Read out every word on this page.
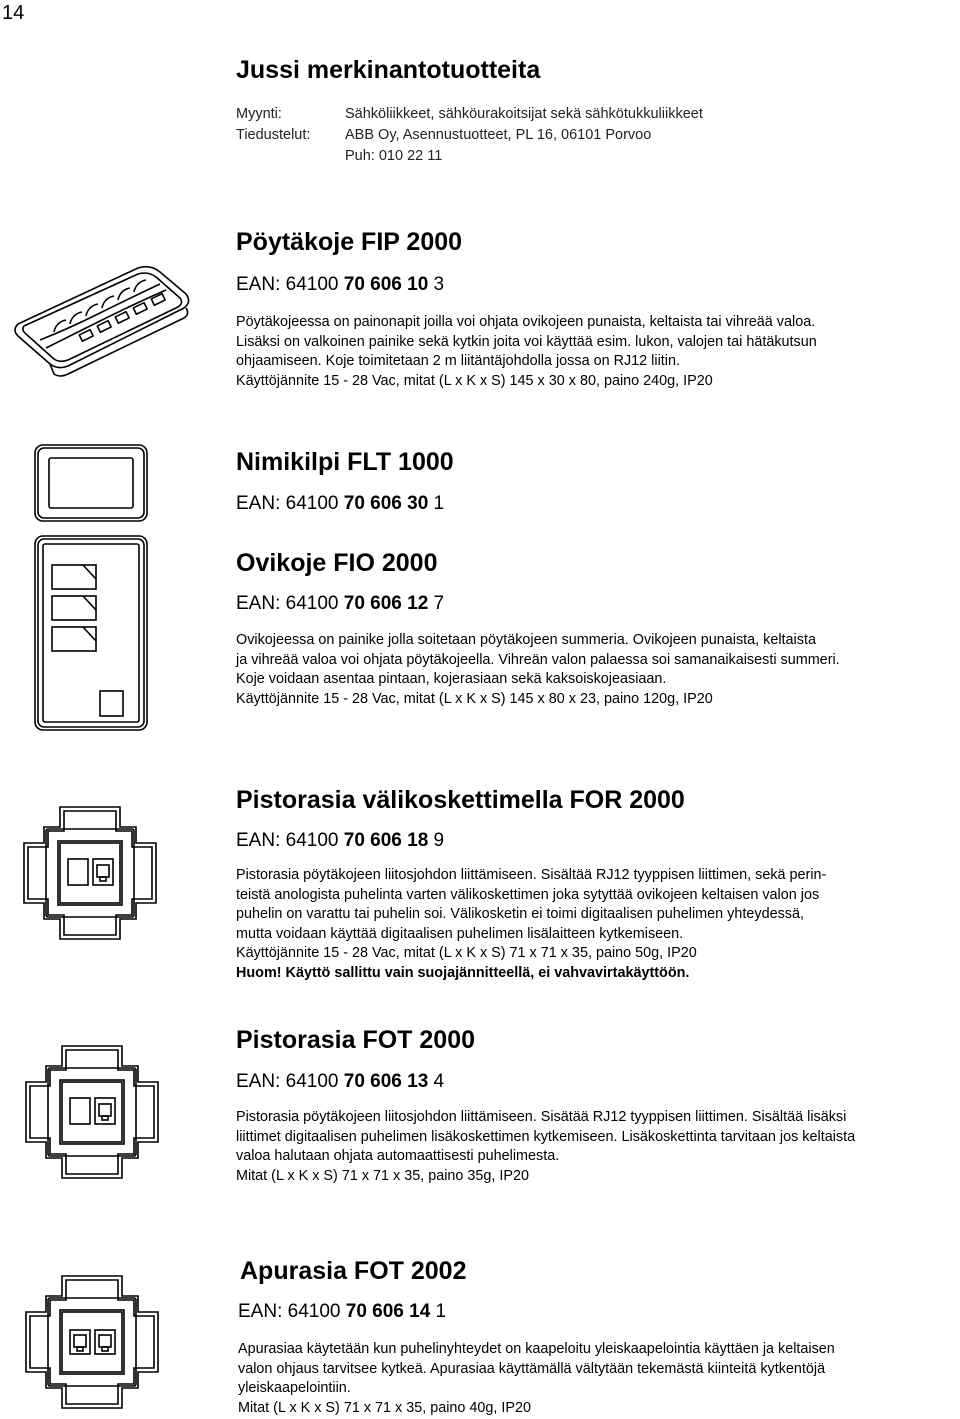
14
Jussi merkinantotuotteita
Myynti:	Sähköliikkeet, sähköurakoitsijat sekä sähkötukkuliikkeet
Tiedustelut:	ABB Oy, Asennustuotteet, PL 16, 06101 Porvoo
Puh: 010 22 11
Pöytäkoje FIP 2000
EAN: 64100 70 606 10 3

Pöytäkojeessa on painonapit joilla voi ohjata ovikojeen punaista, keltaista tai vihreää valoa.

Lisäksi on valkoinen painike sekä kytkin joita voi käyttää esim. lukon, valojen tai hätäkutsun

ohjaamiseen. Koje toimitetaan 2 m liitäntäjohdolla jossa on RJ12 liitin.

Käyttöjännite 15 - 28 Vac, mitat (L x K x S) 145 x 30 x 80, paino 240g, IP20

Nimikilpi FLT 1000
EAN: 64100 70 606 30 1
Ovikoje FIO 2000
EAN: 64100 70 606 12 7

Ovikojeessa on painike jolla soitetaan pöytäkojeen summeria. Ovikojeen punaista, keltaista

ja vihreää valoa voi ohjata pöytäkojeella. Vihreän valon palaessa soi samanaikaisesti summeri.

Koje voidaan asentaa pintaan, kojerasiaan sekä kaksoiskojeasiaan.

Käyttöjännite 15 - 28 Vac, mitat (L x K x S) 145 x 80 x 23, paino 120g, IP20

Pistorasia välikoskettimella FOR 2000
EAN: 64100 70 606 18 9

Pistorasia pöytäkojeen liitosjohdon liittämiseen. Sisältää RJ12 tyyppisen liittimen, sekä perin-

teistä anologista puhelinta varten välikoskettimen joka sytyttää ovikojeen keltaisen valon jos

puhelin on varattu tai puhelin soi. Välikosketin ei toimi digitaalisen puhelimen yhteydessä,

mutta voidaan käyttää digitaalisen puhelimen lisälaitteen kytkemiseen.

Käyttöjännite 15 - 28 Vac, mitat (L x K x S) 71 x 71 x 35, paino 50g, IP20

Huom! Käyttö sallittu vain suojajännitteellä, ei vahvavirtakäyttöön.

Pistorasia FOT 2000
EAN: 64100 70 606 13 4

Pistorasia pöytäkojeen liitosjohdon liittämiseen. Sisätää RJ12 tyyppisen liittimen. Sisältää lisäksi

liittimet digitaalisen puhelimen lisäkoskettimen kytkemiseen. Lisäkoskettinta tarvitaan jos keltaista

valoa halutaan ohjata automaattisesti puhelimesta.

Mitat (L x K x S) 71 x 71 x 35, paino 35g, IP20

Apurasia FOT 2002
EAN: 64100 70 606 14 1

Apurasiaa käytetään kun puhelinyhteydet on kaapeloitu yleiskaapelointia käyttäen ja keltaisen

valon ohjaus tarvitsee kytkeä. Apurasiaa käyttämällä vältytään tekemästä kiinteitä kytkentöjä

yleiskaapelointiin.

Mitat (L x K x S) 71 x 71 x 35, paino 40g, IP20
